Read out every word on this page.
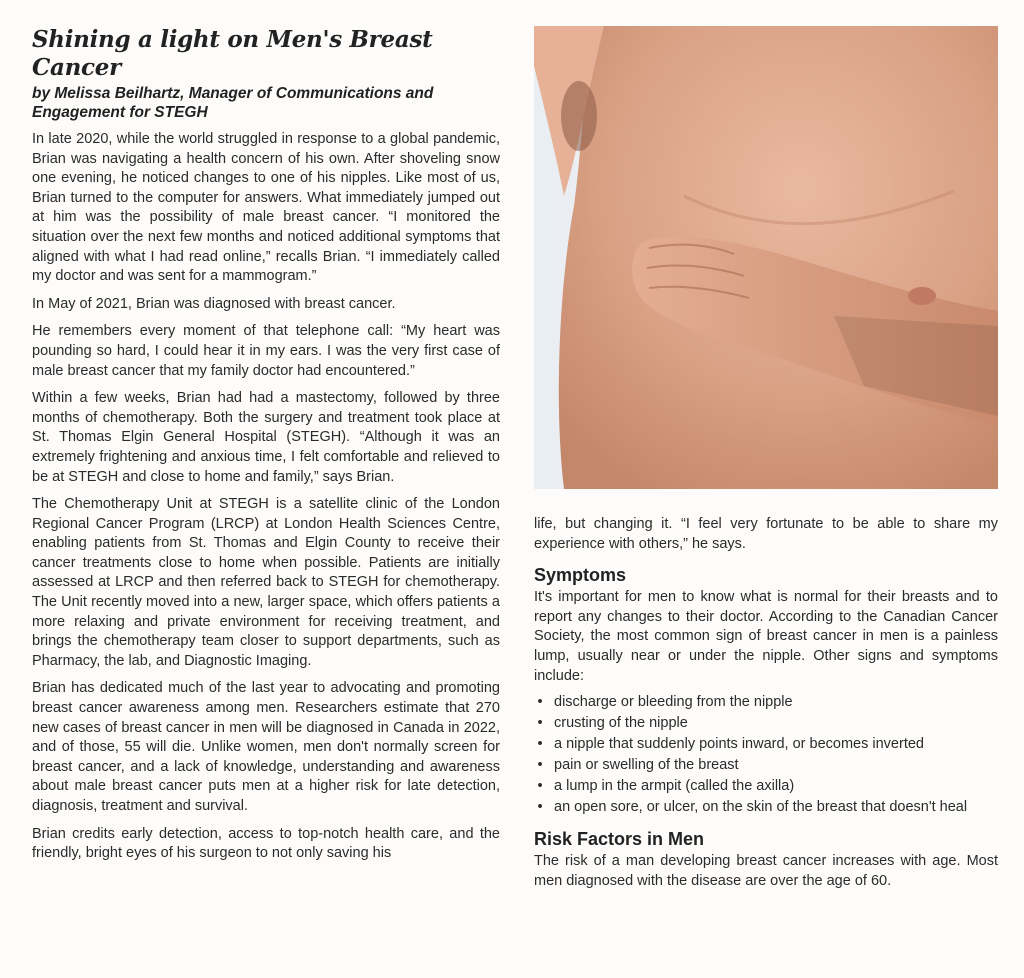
Shining a light on Men's Breast Cancer
by Melissa Beilhartz, Manager of Communications and Engagement for STEGH

In late 2020, while the world struggled in response to a global pandemic, Brian was navigating a health concern of his own. After shoveling snow one evening, he noticed changes to one of his nipples. Like most of us, Brian turned to the computer for answers. What immediately jumped out at him was the possibility of male breast cancer. “I monitored the situation over the next few months and noticed additional symptoms that aligned with what I had read online,” recalls Brian. “I immediately called my doctor and was sent for a mammogram.”

In May of 2021, Brian was diagnosed with breast cancer.

He remembers every moment of that telephone call: “My heart was pounding so hard, I could hear it in my ears. I was the very first case of male breast cancer that my family doctor had encountered.”

Within a few weeks, Brian had had a mastectomy, followed by three months of chemotherapy. Both the surgery and treatment took place at St. Thomas Elgin General Hospital (STEGH). “Although it was an extremely frightening and anxious time, I felt comfortable and relieved to be at STEGH and close to home and family,” says Brian.

The Chemotherapy Unit at STEGH is a satellite clinic of the London Regional Cancer Program (LRCP) at London Health Sciences Centre, enabling patients from St. Thomas and Elgin County to receive their cancer treatments close to home when possible. Patients are initially assessed at LRCP and then referred back to STEGH for chemotherapy. The Unit recently moved into a new, larger space, which offers patients a more relaxing and private environment for receiving treatment, and brings the chemotherapy team closer to support departments, such as Pharmacy, the lab, and Diagnostic Imaging.

Brian has dedicated much of the last year to advocating and promoting breast cancer awareness among men. Researchers estimate that 270 new cases of breast cancer in men will be diagnosed in Canada in 2022, and of those, 55 will die. Unlike women, men don't normally screen for breast cancer, and a lack of knowledge, understanding and awareness about male breast cancer puts men at a higher risk for late detection, diagnosis, treatment and survival.

Brian credits early detection, access to top-notch health care, and the friendly, bright eyes of his surgeon to not only saving his

life, but changing it. “I feel very fortunate to be able to share my experience with others,” he says.

Symptoms

It's important for men to know what is normal for their breasts and to report any changes to their doctor. According to the Canadian Cancer Society, the most common sign of breast cancer in men is a painless lump, usually near or under the nipple. Other signs and symptoms include:

• discharge or bleeding from the nipple
• crusting of the nipple
• a nipple that suddenly points inward, or becomes inverted
• pain or swelling of the breast
• a lump in the armpit (called the axilla)
• an open sore, or ulcer, on the skin of the breast that doesn't heal
Risk Factors in Men

The risk of a man developing breast cancer increases with age. Most men diagnosed with the disease are over the age of 60.
